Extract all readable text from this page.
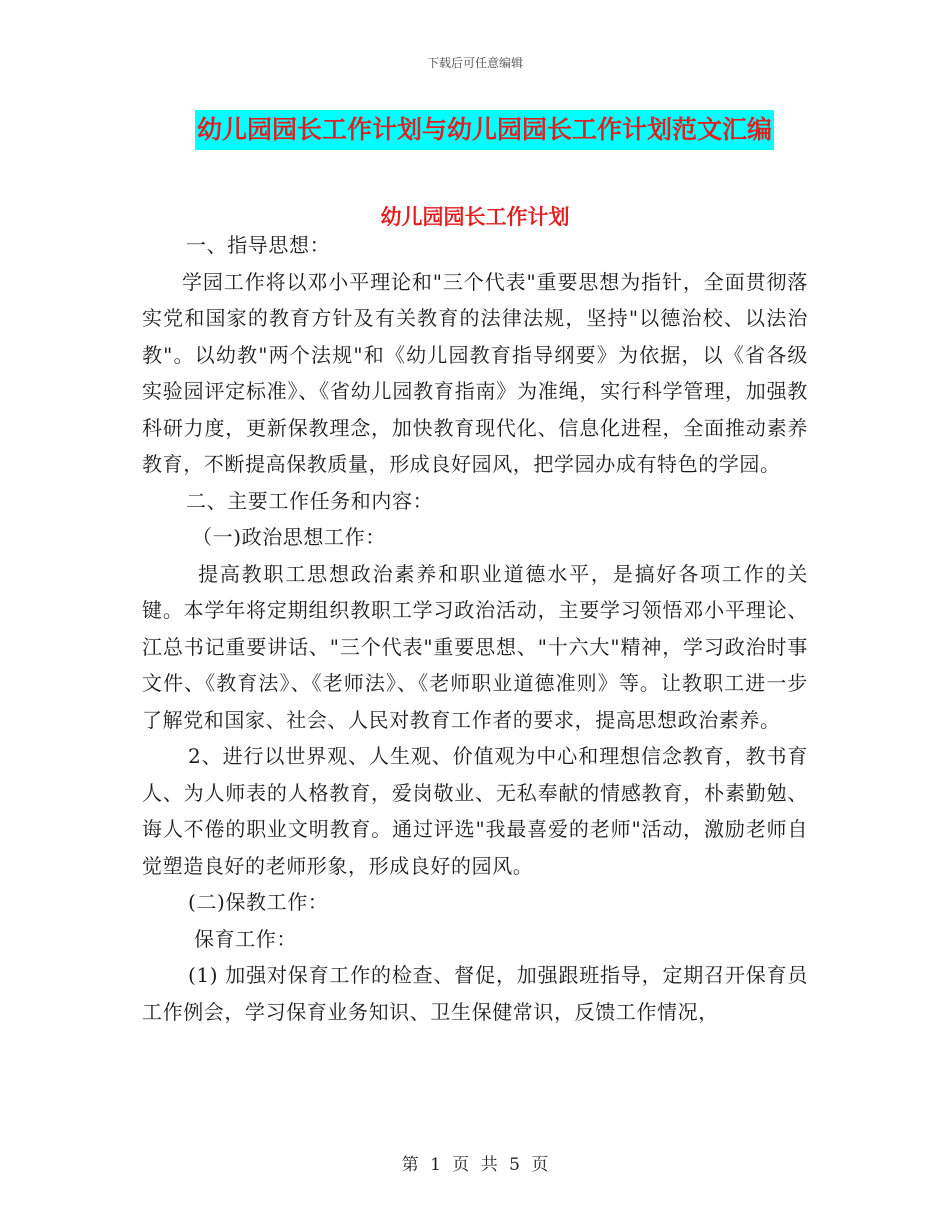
下载后可任意编辑
幼儿园园长工作计划与幼儿园园长工作计划范文汇编
幼儿园园长工作计划

一、指导思想：

学园工作将以邓小平理论和"三个代表"重要思想为指针，全面贯彻落实党和国家的教育方针及有关教育的法律法规，坚持"以德治校、以法治教"。以幼教"两个法规"和《幼儿园教育指导纲要》为依据，以《省各级实验园评定标准》、《省幼儿园教育指南》为准绳，实行科学管理，加强教科研力度，更新保教理念，加快教育现代化、信息化进程，全面推动素养教育，不断提高保教质量，形成良好园风，把学园办成有特色的学园。

二、主要工作任务和内容：

（一)政治思想工作：

提高教职工思想政治素养和职业道德水平，是搞好各项工作的关键。本学年将定期组织教职工学习政治活动，主要学习领悟邓小平理论、江总书记重要讲话、"三个代表"重要思想、"十六大"精神，学习政治时事文件、《教育法》、《老师法》、《老师职业道德准则》等。让教职工进一步了解党和国家、社会、人民对教育工作者的要求，提高思想政治素养。

2、进行以世界观、人生观、价值观为中心和理想信念教育，教书育人、为人师表的人格教育，爱岗敬业、无私奉献的情感教育，朴素勤勉、诲人不倦的职业文明教育。通过评选"我最喜爱的老师"活动，激励老师自觉塑造良好的老师形象，形成良好的园风。

(二)保教工作：

保育工作：

(1) 加强对保育工作的检查、督促，加强跟班指导，定期召开保育员工作例会，学习保育业务知识、卫生保健常识，反馈工作情况，

第 1 页 共 5 页
